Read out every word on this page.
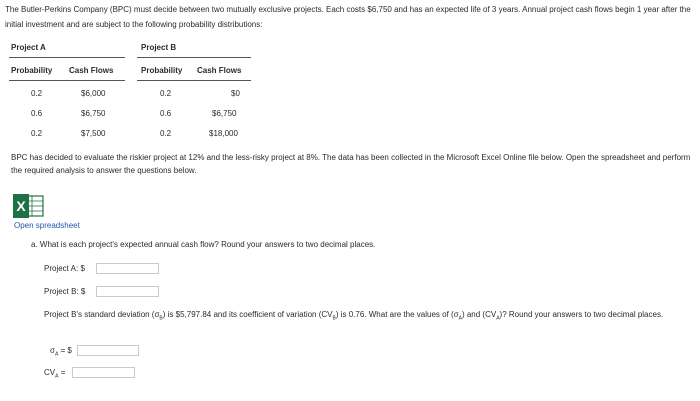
The Butler-Perkins Company (BPC) must decide between two mutually exclusive projects. Each costs $6,750 and has an expected life of 3 years. Annual project cash flows begin 1 year after the initial investment and are subject to the following probability distributions:
Project A
Probability Cash Flows
0.2	$6,000
0.6	$6,750
0.2	$7,500
Project B
Probability Cash Flows
0.2	$0
0.6	$6,750
0.2	$18,000
BPC has decided to evaluate the riskier project at 12% and the less-risky project at 8%. The data has been collected in the Microsoft Excel Online file below. Open the spreadsheet and perform the required analysis to answer the questions below.
X
Open spreadsheet
a. What is each project's expected annual cash flow? Round your answers to two decimal places.
Project A: $
Project B: $
Project B's standard deviation $(\sigma_B)$ is $5,797.84 and its coefficient of variation $(CV_B)$ is 0.76. What are the values of $(\sigma_A)$ and $(CV_A)$? Round your answers to two decimal places.
$\sigma_A$ = $
$CV_A$ =
